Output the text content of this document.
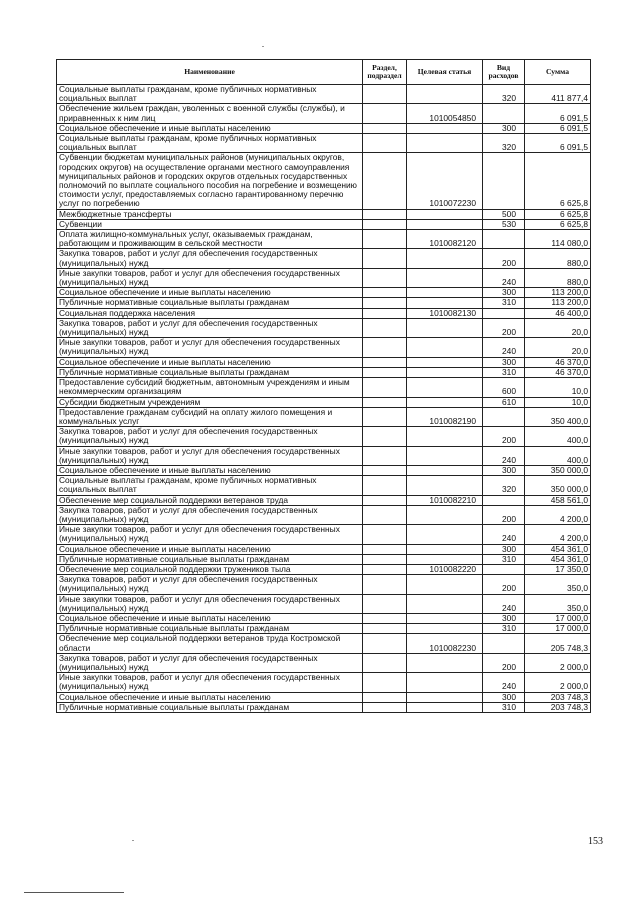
Наименование	Раздел, подраздел	Целевая статья	Вид расходов	Сумма
Социальные выплаты гражданам, кроме публичных нормативных социальных выплат			320	411 877,4
Обеспечение жильем граждан, уволенных с военной службы (службы), и приравненных к ним лиц		1010054850		6 091,5
Социальное обеспечение и иные выплаты населению			300	6 091,5
Социальные выплаты гражданам, кроме публичных нормативных социальных выплат			320	6 091,5
Субвенции бюджетам муниципальных районов (муниципальных округов, городских округов) на осуществление органами местного самоуправления муниципальных районов и городских округов отдельных государственных полномочий по выплате социального пособия на погребение и возмещению стоимости услуг, предоставляемых согласно гарантированному перечню услуг по погребению		1010072230		6 625,8
Межбюджетные трансферты			500	6 625,8
Субвенции			530	6 625,8
Оплата жилищно-коммунальных услуг, оказываемых гражданам, работающим и проживающим в сельской местности		1010082120		114 080,0
Закупка товаров, работ и услуг для обеспечения государственных (муниципальных) нужд			200	880,0
Иные закупки товаров, работ и услуг для обеспечения государственных (муниципальных) нужд			240	880,0
Социальное обеспечение и иные выплаты населению			300	113 200,0
Публичные нормативные социальные выплаты гражданам			310	113 200,0
Социальная поддержка населения		1010082130		46 400,0
Закупка товаров, работ и услуг для обеспечения государственных (муниципальных) нужд			200	20,0
Иные закупки товаров, работ и услуг для обеспечения государственных (муниципальных) нужд			240	20,0
Социальное обеспечение и иные выплаты населению			300	46 370,0
Публичные нормативные социальные выплаты гражданам			310	46 370,0
Предоставление субсидий бюджетным, автономным учреждениям и иным некоммерческим организациям			600	10,0
Субсидии бюджетным учреждениям			610	10,0
Предоставление гражданам субсидий на оплату жилого помещения и коммунальных услуг		1010082190		350 400,0
Закупка товаров, работ и услуг для обеспечения государственных (муниципальных) нужд			200	400,0
Иные закупки товаров, работ и услуг для обеспечения государственных (муниципальных) нужд			240	400,0
Социальное обеспечение и иные выплаты населению			300	350 000,0
Социальные выплаты гражданам, кроме публичных нормативных социальных выплат			320	350 000,0
Обеспечение мер социальной поддержки ветеранов труда		1010082210		458 561,0
Закупка товаров, работ и услуг для обеспечения государственных (муниципальных) нужд			200	4 200,0
Иные закупки товаров, работ и услуг для обеспечения государственных (муниципальных) нужд			240	4 200,0
Социальное обеспечение и иные выплаты населению			300	454 361,0
Публичные нормативные социальные выплаты гражданам			310	454 361,0
Обеспечение мер социальной поддержки тружеников тыла		1010082220		17 350,0
Закупка товаров, работ и услуг для обеспечения государственных (муниципальных) нужд			200	350,0
Иные закупки товаров, работ и услуг для обеспечения государственных (муниципальных) нужд			240	350,0
Социальное обеспечение и иные выплаты населению			300	17 000,0
Публичные нормативные социальные выплаты гражданам			310	17 000,0
Обеспечение мер социальной поддержки ветеранов труда Костромской области		1010082230		205 748,3
Закупка товаров, работ и услуг для обеспечения государственных (муниципальных) нужд			200	2 000,0
Иные закупки товаров, работ и услуг для обеспечения государственных (муниципальных) нужд			240	2 000,0
Социальное обеспечение и иные выплаты населению			300	203 748,3
Публичные нормативные социальные выплаты гражданам			310	203 748,3
153
